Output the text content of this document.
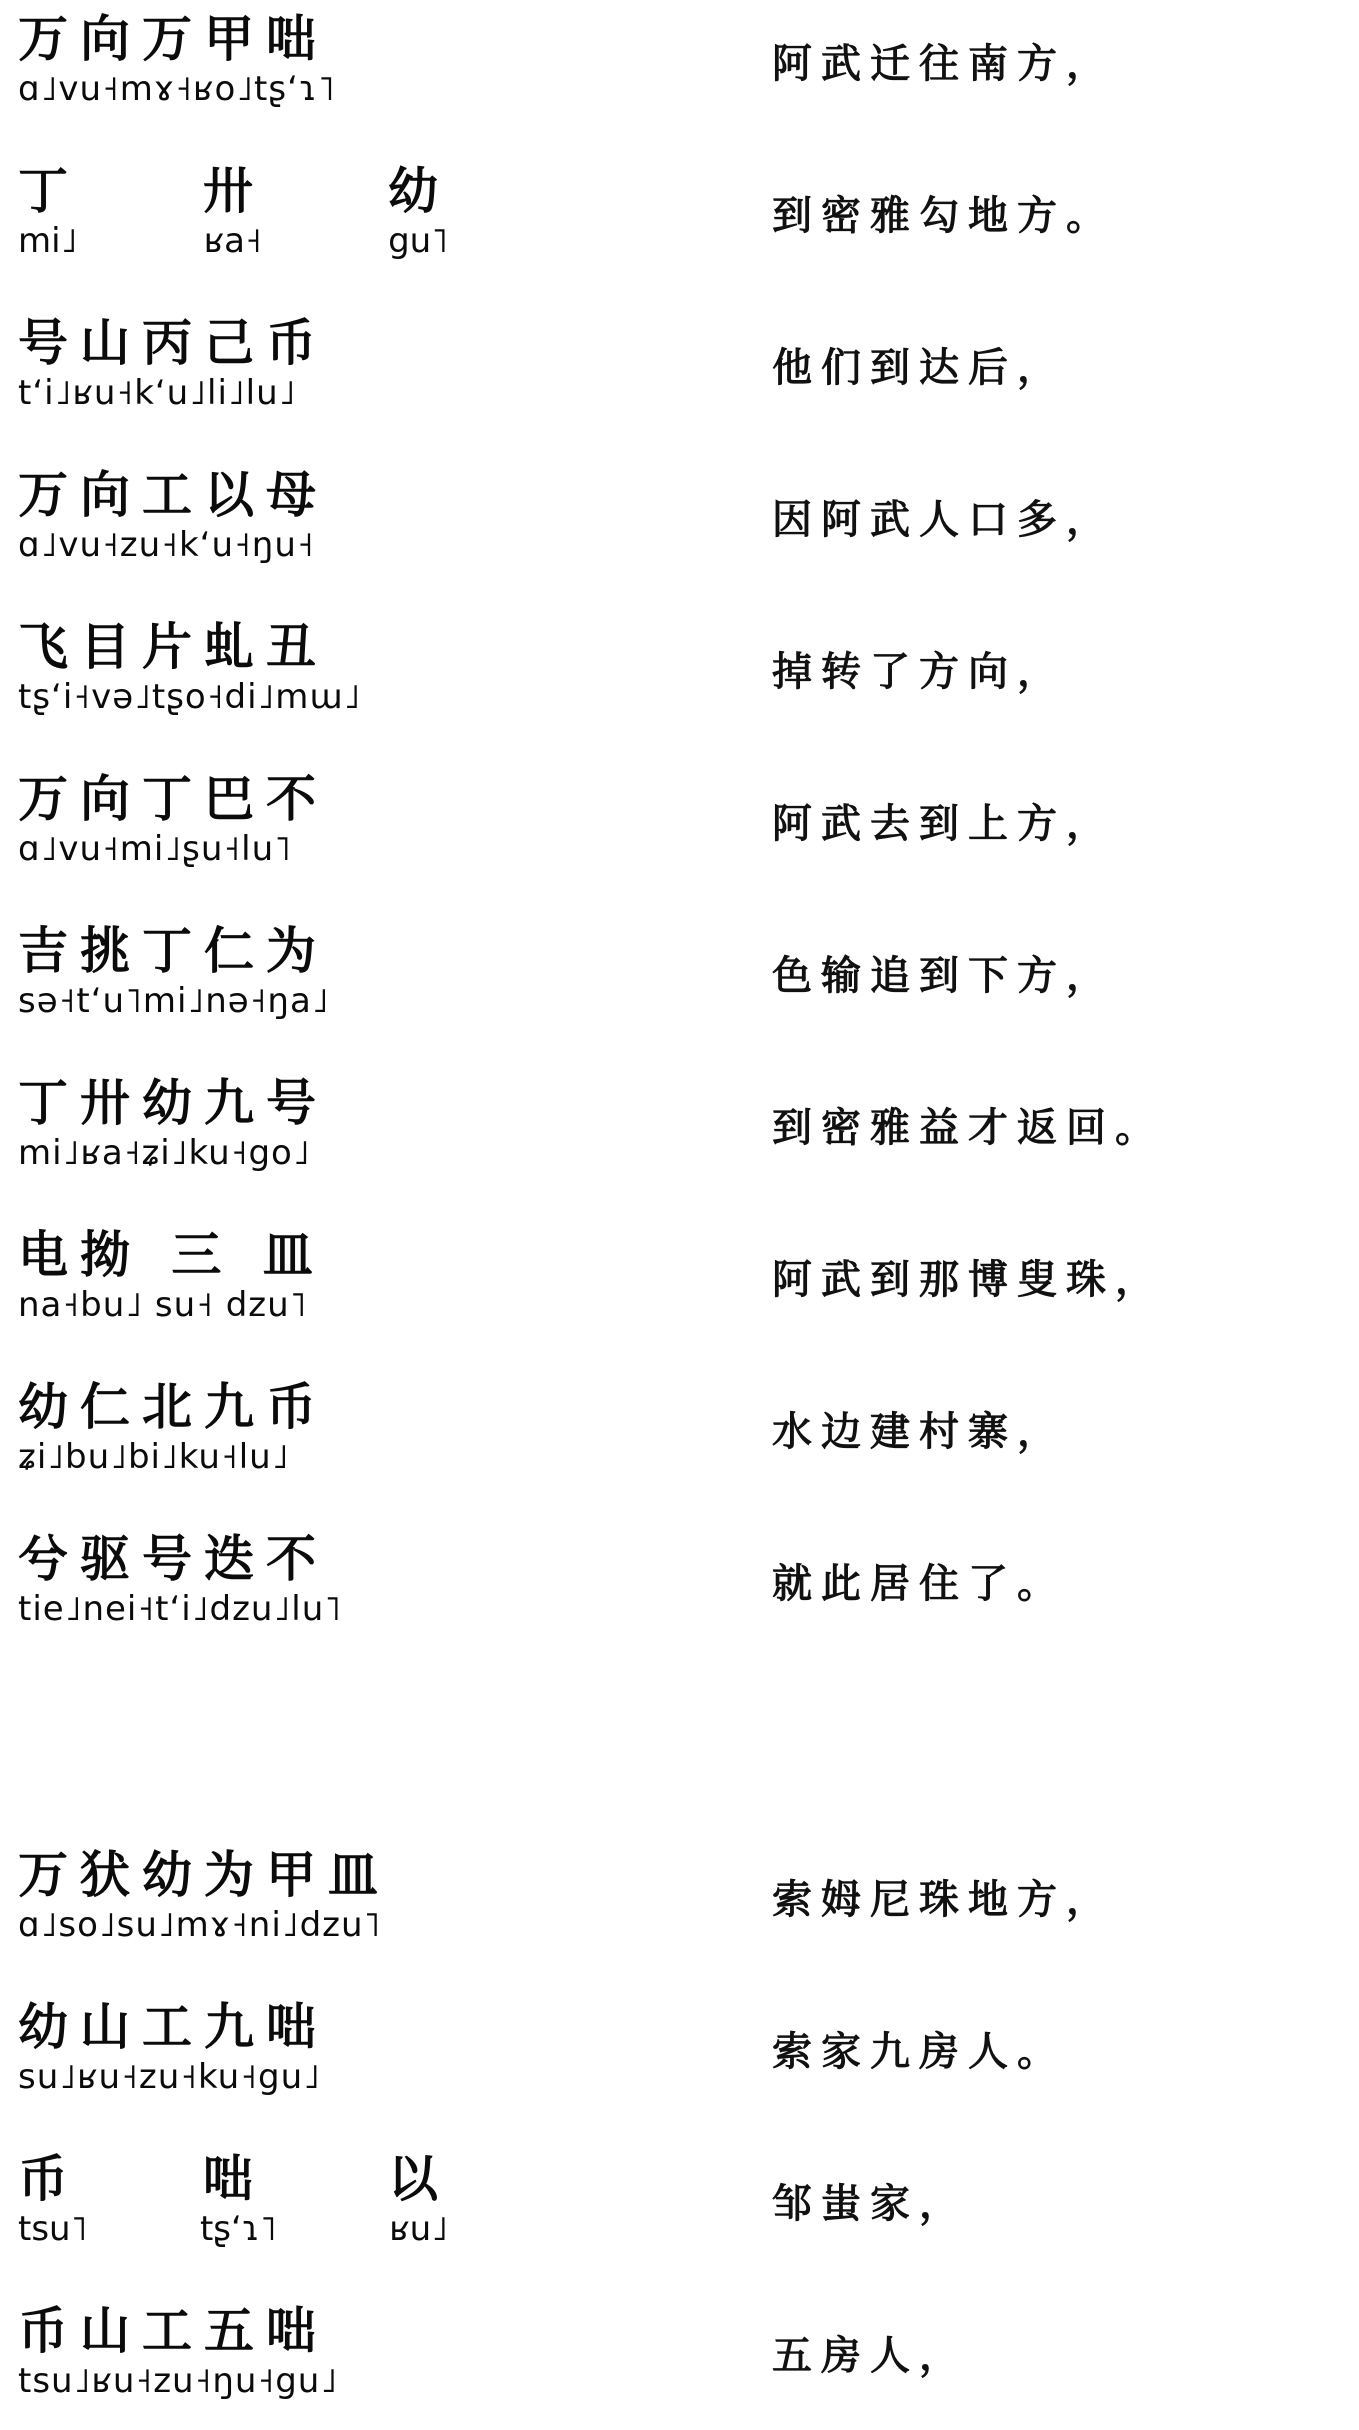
万向万甲咄
ɑ˩vu˧mɤ˧ʁo˩tʂʻɿ˥
阿武迁往南方，
丁	卅	幼
mi˩	ʁa˧	gu˥
到密雅勾地方。
号山丙己币
tʻi˩ʁu˧kʻu˩li˩lu˩
他们到达后，
万向工以母
ɑ˩vu˧zu˧kʻu˧ŋu˧
因阿武人口多，
飞目片虬丑
tʂʻi˧və˩tʂo˧di˩mɯ˩
掉转了方向，
万向丁巴不
ɑ˩vu˧mi˩ʂu˧lu˥
阿武去到上方，
吉挑丁仁为
sə˧tʻu˥mi˩nə˧ŋa˩
色输追到下方，
丁卅幼九号
mi˩ʁa˧ʑi˩ku˧go˩
到密雅益才返回。
电拗 三 皿
na˧bu˩ su˧ dzu˥
阿武到那博叟珠，
幼仁北九币
ʑi˩bu˩bi˩ku˧lu˩
水边建村寨，
兮驱号迭不
tie˩nei˧tʻi˩dzu˩lu˥
就此居住了。
万犾幼为甲皿
ɑ˩so˩su˩mɤ˧ni˩dzu˥
索姆尼珠地方，
幼山工九咄
su˩ʁu˧zu˧ku˧gu˩
索家九房人。
币	咄	以
tsu˥	tʂʻɿ˥	ʁu˩
邹蚩家，
币山工五咄
tsu˩ʁu˧zu˧ŋu˧gu˩
五房人，
